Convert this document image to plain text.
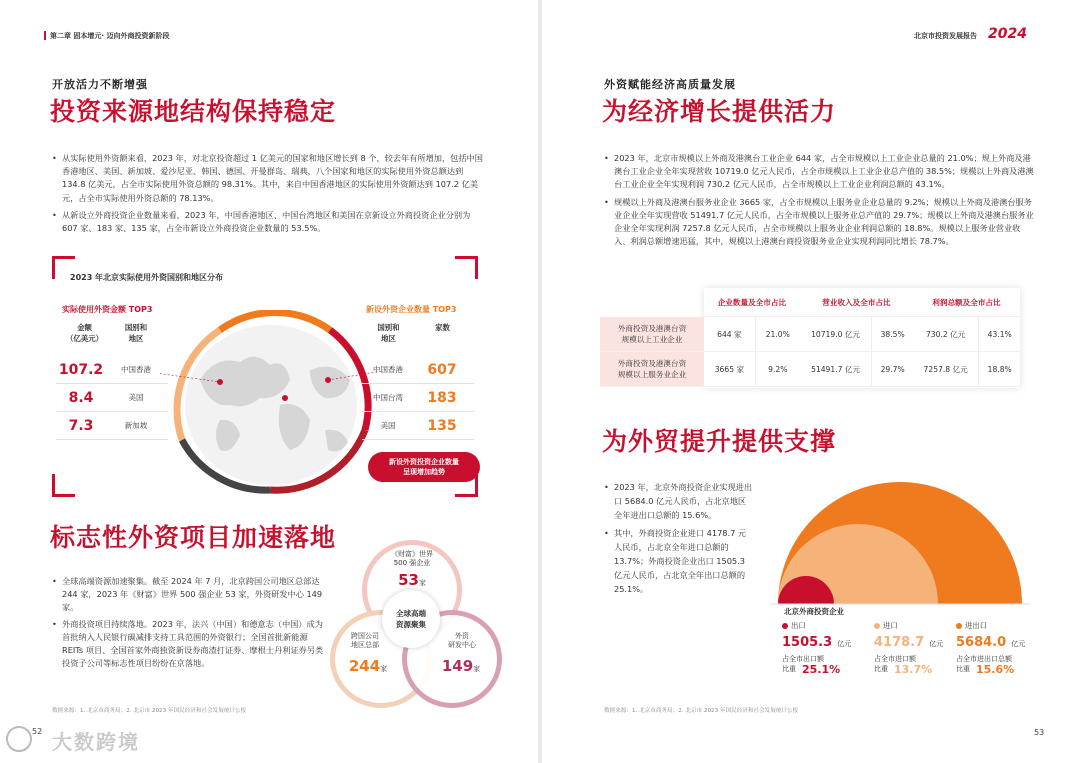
第二章 固本增元· 迈向外商投资新阶段
开放活力不断增强
投资来源地结构保持稳定

• 从实际使用外资额来看，2023 年，对北京投资超过 1 亿美元的国家和地区增长到 8 个，较去年有所增加，包括中国香港地区、美国、新加坡、爱沙尼亚、韩国、德国、开曼群岛、瑞典，八个国家和地区的实际使用外资总额达到 134.8 亿美元，占全市实际使用外资总额的 98.31%。其中，来自中国香港地区的实际使用外资额达到 107.2 亿美元，占全市实际使用外资总额的 78.13%。

• 从新设立外商投资企业数量来看，2023 年，中国香港地区、中国台湾地区和美国在京新设立外商投资企业分别为 607 家、183 家、135 家，占全市新设立外商投资企业数量的 53.5%。

2023 年北京实际使用外资国别和地区分布
实际使用外资金额 TOP3
金额
（亿美元）
国别和
地区
107.2	中国香港
8.4	美国
7.3	新加坡
新设外资企业数量 TOP3
国别和
地区
家数
中国香港	607
中国台湾	183
美国	135
新设外资投资企业数量
呈现增加趋势
标志性外资项目加速落地

• 全球高端资源加速聚集。截至 2024 年 7 月，北京跨国公司地区总部达 244 家，2023 年《财富》世界 500 强企业 53 家，外资研发中心 149 家。

• 外商投资项目持续落地。2023 年，法兴（中国）和德意志（中国）成为首批纳入人民银行碳减排支持工具范围的外资银行；全国首批新能源 REITs 项目、全国首家外商独资新设券商渣打证券、摩根士丹利证券另类投资子公司等标志性项目纷纷在京落地。

全球高端
资源聚集
《财富》世界
500 强企业
53家
跨国公司
地区总部
244家
外资
研发中心
149家
数据来源：1. 北京市商务局；2. 北京市 2023 年国民经济和社会发展统计公报
52 大数跨境
北京市投资发展报告 2024
外资赋能经济高质量发展
为经济增长提供活力

• 2023 年，北京市规模以上外商及港澳台工业企业 644 家，占全市规模以上工业企业总量的 21.0%；规上外商及港澳台工业企业全年实现营收 10719.0 亿元人民币，占全市规模以上工业企业总产值的 38.5%；规模以上外商及港澳台工业企业全年实现利润 730.2 亿元人民币，占全市规模以上工业企业利润总额的 43.1%。

• 规模以上外商及港澳台服务业企业 3665 家，占全市规模以上服务业企业总量的 9.2%；规模以上外商及港澳台服务业企业全年实现营收 51491.7 亿元人民币，占全市规模以上服务业总产值的 29.7%；规模以上外商及港澳台服务业企业全年实现利润 7257.8 亿元人民币，占全市规模以上服务业企业利润总额的 18.8%。规模以上服务业营业收入、利润总额增速迅猛，其中，规模以上港澳台商投资服务业企业实现利润同比增长 78.7%。

	企业数量及全市占比		营业收入及全市占比		利润总额及全市占比	
外商投资及港澳台资
规模以上工业企业	644 家	21.0%	10719.0 亿元	38.5%	730.2 亿元	43.1%
外商投资及港澳台资
规模以上服务业企业	3665 家	9.2%	51491.7 亿元	29.7%	7257.8 亿元	18.8%
为外贸提升提供支撑

• 2023 年，北京外商投资企业实现进出口 5684.0 亿元人民币，占北京地区全年进出口总额的 15.6%。

• 其中，外商投资企业进口 4178.7 元人民币，占北京全年进口总额的 13.7%；外商投资企业出口 1505.3 亿元人民币，占北京全年出口总额的 25.1%。

北京外商投资企业
出口
1505.3 亿元
占全市出口额
比重 25.1%
进口
4178.7 亿元
占全市进口额
比重 13.7%
进出口
5684.0 亿元
占全市进出口总额
比重 15.6%
数据来源：1. 北京市商务局；2. 北京市 2023 年国民经济和社会发展统计公报
53
